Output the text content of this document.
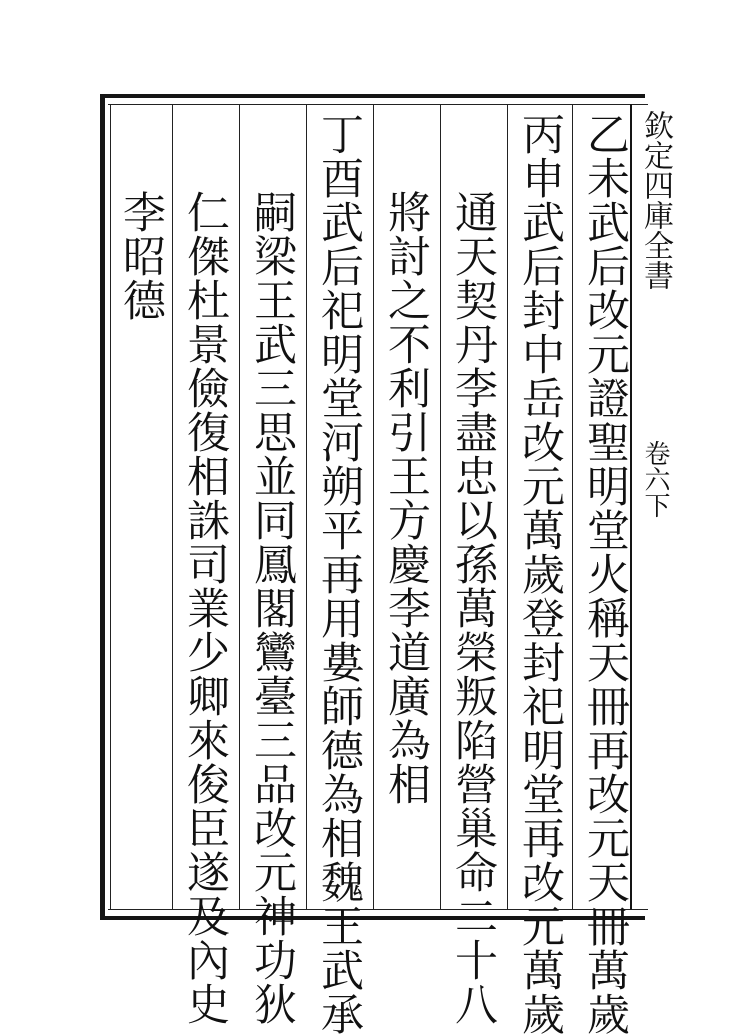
欽定四庫全書
卷六下
乙未武后改元證聖明堂火稱天冊再改元天冊萬歲
丙申武后封中岳改元萬歲登封祀明堂再改元萬歲
通天契丹李盡忠以孫萬榮叛陷營巢命二十八
將討之不利引王方慶李道廣為相
丁酉武后祀明堂河朔平再用婁師德為相魏王武承
嗣梁王武三思並同鳳閣鸞臺三品改元神功狄
仁傑杜景儉復相誅司業少卿來俊臣遂及內史
李昭德
